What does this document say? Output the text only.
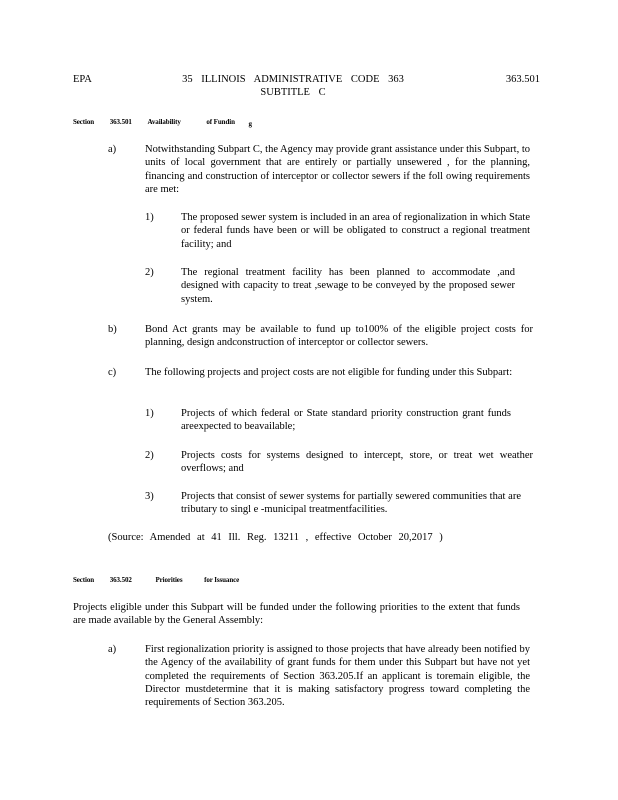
EPA	35 ILLINOIS ADMINISTRATIVE CODE 363
SUBTITLE C
363.501
Section 363.501 Availability	of Fundin g
a)	Notwithstanding Subpart C, the Agency may provide grant assistance under this Subpart, to units of local government that are entirely or partially unsewered , for the planning, financing and construction of interceptor or collector sewers if the foll owing requirements are met:
1)	The proposed sewer system is included in an area of regionalization in which State or federal funds have been or will be obligated to construct a regional treatment facility; and
2)	The regional treatment facility has been planned to accommodate ,and designed with capacity to treat ,sewage to be conveyed by the proposed sewer system.
b)	Bond Act grants may be available to fund up to100% of the eligible project costs for planning, design andconstruction of interceptor or collector sewers.
c)	The following projects and project costs are not eligible for funding under this Subpart:
1)	Projects of which federal or State standard priority construction grant funds areexpected to beavailable;
2)	Projects costs for systems designed to intercept, store, or treat wet weather overflows; and
3)	Projects that consist of sewer systems for partially sewered communities that are tributary to singl e -municipal treatmentfacilities.
(Source: Amended at 41 Ill. Reg. 13211 , effective October 20,2017 )
Section 363.502	Priorities	for Issuance
Projects eligible under this Subpart will be funded under the following priorities to the extent that funds are made available by the General Assembly:
a)	First regionalization priority is assigned to those projects that have already been notified by the Agency of the availability of grant funds for them under this Subpart but have not yet completed the requirements of Section 363.205.If an applicant is toremain eligible, the Director mustdetermine that it is making satisfactory progress toward completing the requirements of Section 363.205.
